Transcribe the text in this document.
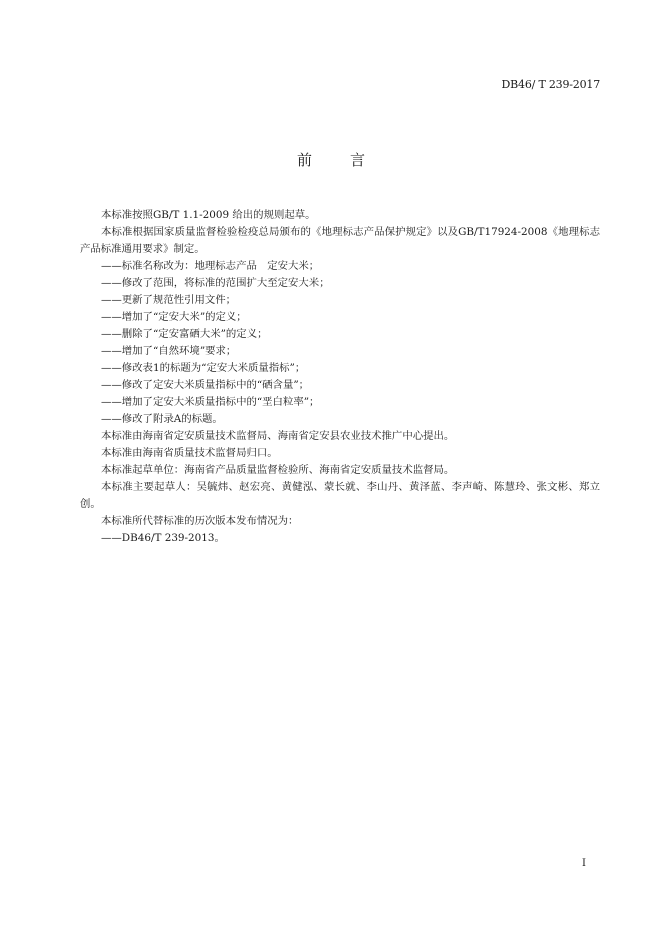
DB46/ T 239-2017
前言

本标准按照GB/T 1.1-2009 给出的规则起草。

本标准根据国家质量监督检验检疫总局颁布的《地理标志产品保护规定》以及GB/T17924-2008《地理标志产品标准通用要求》制定。

——标准名称改为：地理标志产品　定安大米；

——修改了范围，将标准的范围扩大至定安大米；

——更新了规范性引用文件；

——增加了“定安大米”的定义；

——删除了“定安富硒大米”的定义；

——增加了“自然环境”要求；

——修改表1的标题为“定安大米质量指标”；

——修改了定安大米质量指标中的“硒含量”；

——增加了定安大米质量指标中的“垩白粒率”；

——修改了附录A的标题。

本标准由海南省定安质量技术监督局、海南省定安县农业技术推广中心提出。

本标准由海南省质量技术监督局归口。

本标准起草单位：海南省产品质量监督检验所、海南省定安质量技术监督局。

本标准主要起草人：吴毓炜、赵宏亮、黄健泓、蒙长就、李山丹、黄泽蓝、李声崎、陈慧玲、张文彬、郑立创。

本标准所代替标准的历次版本发布情况为：

——DB46/T 239-2013。

I
